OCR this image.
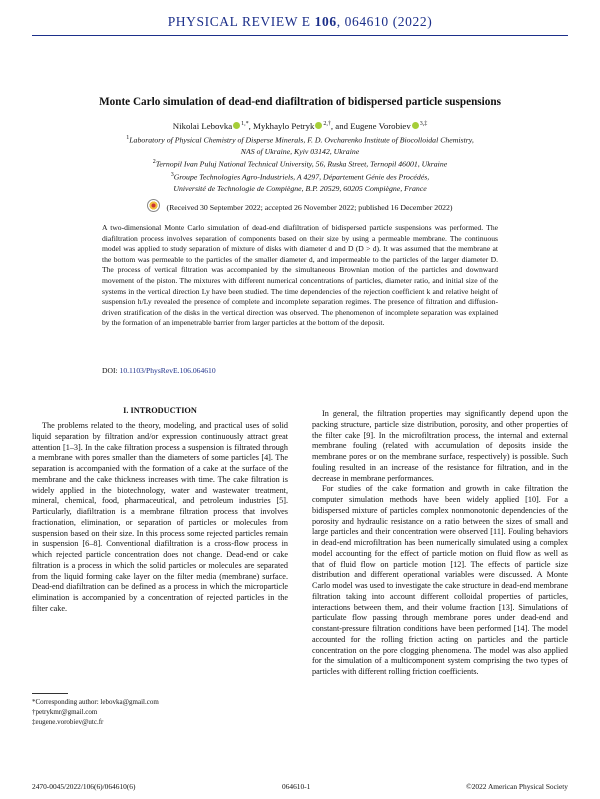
PHYSICAL REVIEW E 106, 064610 (2022)
Monte Carlo simulation of dead-end diafiltration of bidispersed particle suspensions
Nikolai Lebovka $^{1,*}$, Mykhaylo Petryk $^{2,\dagger}$, and Eugene Vorobiev $^{3,\ddagger}$
$^1$Laboratory of Physical Chemistry of Disperse Minerals, F. D. Ovcharenko Institute of Biocolloidal Chemistry,
NAS of Ukraine, Kyiv 03142, Ukraine
$^2$Ternopil Ivan Puluj National Technical University, 56, Ruska Street, Ternopil 46001, Ukraine
$^3$Groupe Technologies Agro-Industriels, A 4297, Département Génie des Procédés,
Université de Technologie de Compiègne, B.P. 20529, 60205 Compiègne, France
(Received 30 September 2022; accepted 26 November 2022; published 16 December 2022)
A two-dimensional Monte Carlo simulation of dead-end diafiltration of bidispersed particle suspensions was performed. The diafiltration process involves separation of components based on their size by using a permeable membrane. The continuous model was applied to study separation of mixture of disks with diameter d and D (D > d). It was assumed that the membrane at the bottom was permeable to the particles of the smaller diameter d, and impermeable to the particles of the larger diameter D. The process of vertical filtration was accompanied by the simultaneous Brownian motion of the particles and downward movement of the piston. The mixtures with different numerical concentrations of particles, diameter ratio, and initial size of the systems in the vertical direction Ly have been studied. The time dependencies of the rejection coefficient k and relative height of suspension h/Ly revealed the presence of complete and incomplete separation regimes. The presence of filtration and diffusion-driven stratification of the disks in the vertical direction was observed. The phenomenon of incomplete separation was explained by the formation of an impenetrable barrier from larger particles at the bottom of the deposit.
DOI: 10.1103/PhysRevE.106.064610
I. INTRODUCTION

The problems related to the theory, modeling, and practical uses of solid liquid separation by filtration and/or expression continuously attract great attention [1–3]. In the cake filtration process a suspension is filtrated through a membrane with pores smaller than the diameters of some particles [4]. The separation is accompanied with the formation of a cake at the surface of the membrane and the cake thickness increases with time. The cake filtration is widely applied in the biotechnology, water and wastewater treatment, mineral, chemical, food, pharmaceutical, and petroleum industries [5]. Particularly, diafiltration is a membrane filtration process that involves fractionation, elimination, or separation of particles or molecules from suspension based on their size. In this process some rejected particles remain in suspension [6–8]. Conventional diafiltration is a cross-flow process in which rejected particle concentration does not change. Dead-end or cake filtration is a process in which the solid particles or molecules are separated from the liquid forming cake layer on the filter media (membrane) surface. Dead-end diafiltration can be defined as a process in which the microparticle elimination is accompanied by a concentration of rejected particles in the filter cake.

In general, the filtration properties may significantly depend upon the packing structure, particle size distribution, porosity, and other properties of the filter cake [9]. In the microfiltration process, the internal and external membrane fouling (related with accumulation of deposits inside the membrane pores or on the membrane surface, respectively) is possible. Such fouling resulted in an increase of the resistance for filtration, and in the decrease in membrane performances.

For studies of the cake formation and growth in cake filtration the computer simulation methods have been widely applied [10]. For a bidispersed mixture of particles complex nonmonotonic dependencies of the porosity and hydraulic resistance on a ratio between the sizes of small and large particles and their concentration were observed [11]. Fouling behaviors in dead-end microfiltration has been numerically simulated using a complex model accounting for the effect of particle motion on fluid flow as well as that of fluid flow on particle motion [12]. The effects of particle size distribution and different operational variables were discussed. A Monte Carlo model was used to investigate the cake structure in dead-end membrane filtration taking into account different colloidal properties of particles, interactions between them, and their volume fraction [13]. Simulations of particulate flow passing through membrane pores under dead-end and constant-pressure filtration conditions have been performed [14]. The model accounted for the rolling friction acting on particles and the particle concentration on the pore clogging phenomena. The model was also applied for the simulation of a multicomponent system comprising the two types of particles with different rolling friction coefficients.

*Corresponding author: lebovka@gmail.com
†petrykmr@gmail.com
‡eugene.vorobiev@utc.fr
2470-0045/2022/106(6)/064610(6)	064610-1	©2022 American Physical Society
